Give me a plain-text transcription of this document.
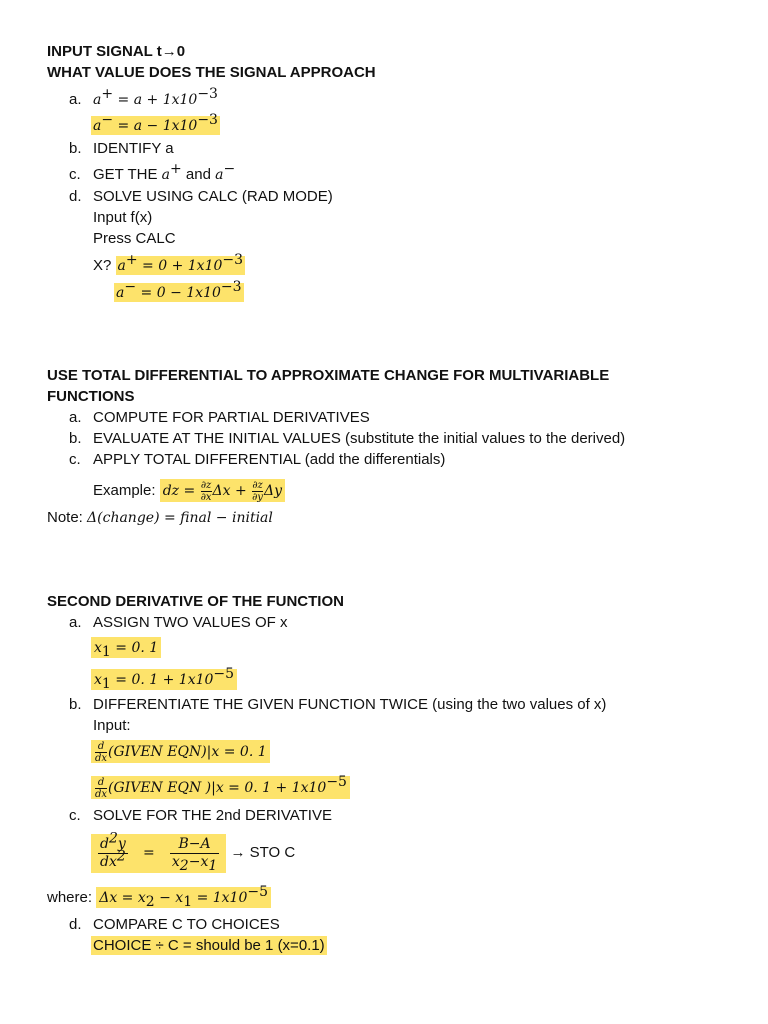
INPUT SIGNAL t→0
WHAT VALUE DOES THE SIGNAL APPROACH
a. $a^+ = a + 1x10^{-3}$
$a^- = a - 1x10^{-3}$
b. IDENTIFY a
c. GET THE a+ and a−
d. SOLVE USING CALC (RAD MODE)
Input f(x)
Press CALC
X? $a^+ = 0 + 1x10^{-3}$
$a^- = 0 - 1x10^{-3}$
USE TOTAL DIFFERENTIAL TO APPROXIMATE CHANGE FOR MULTIVARIABLE
FUNCTIONS
a. COMPUTE FOR PARTIAL DERIVATIVES
b. EVALUATE AT THE INITIAL VALUES (substitute the initial values to the derived)
c. APPLY TOTAL DIFFERENTIAL (add the differentials)
Example: dz = $\frac{\partial z}{\partial x}$ $\Delta x + \frac{\partial z}{\partial y}$ Δy
Note: Δ(change) = final − initial
SECOND DERIVATIVE OF THE FUNCTION
a. ASSIGN TWO VALUES OF x
$x_1 = 0$. 1
$x_1 = 0$. $1 + 1x10^{-5}$
b. DIFFERENTIATE THE GIVEN FUNCTION TWICE (using the two values of x)
Input:
$\frac{d}{dx}$ (GIVEN EQN)|x = 0. 1
$\frac{d}{dx}$ (GIVEN EQN )|x = 0. $1 + 1x10^{-5}$
c. SOLVE FOR THE 2nd DERIVATIVE
$\frac{d^2y}{dx^2} = \frac{B-A}{x_2-x_1}$ → STO C
where: $\Delta x = x_2 - x_1 = 1x10^{-5}$
d. COMPARE C TO CHOICES
CHOICE ÷ C = should be 1 (x=0.1)
